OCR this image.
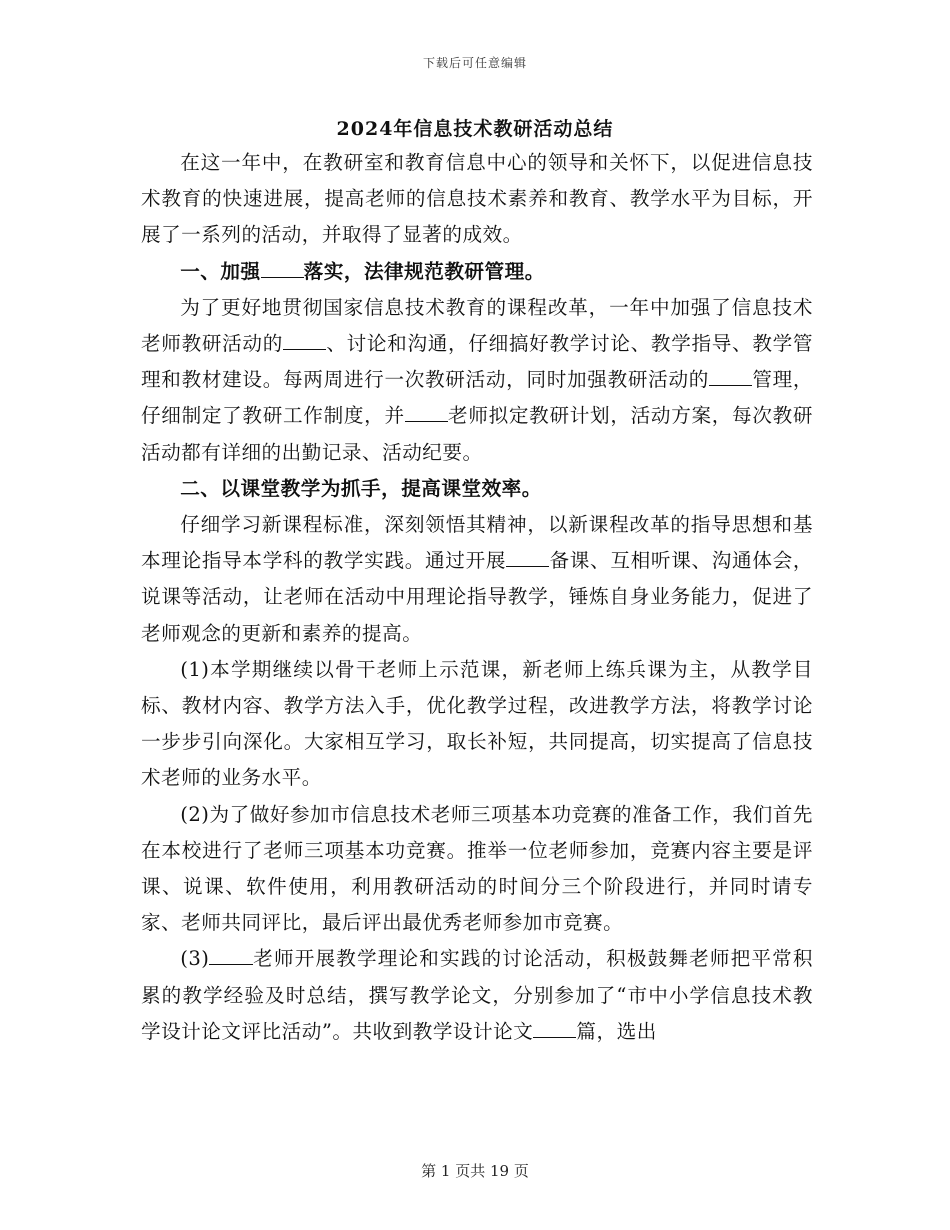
下载后可任意编辑
2024年信息技术教研活动总结

在这一年中，在教研室和教育信息中心的领导和关怀下，以促进信息技术教育的快速进展，提高老师的信息技术素养和教育、教学水平为目标，开展了一系列的活动，并取得了显著的成效。

一、加强 落实，法律规范教研管理。

为了更好地贯彻国家信息技术教育的课程改革，一年中加强了信息技术老师教研活动的 、讨论和沟通，仔细搞好教学讨论、教学指导、教学管理和教材建设。每两周进行一次教研活动，同时加强教研活动的 管理，仔细制定了教研工作制度，并 老师拟定教研计划，活动方案，每次教研活动都有详细的出勤记录、活动纪要。

二、以课堂教学为抓手，提高课堂效率。

仔细学习新课程标准，深刻领悟其精神，以新课程改革的指导思想和基本理论指导本学科的教学实践。通过开展 备课、互相听课、沟通体会，说课等活动，让老师在活动中用理论指导教学，锤炼自身业务能力，促进了老师观念的更新和素养的提高。

(1)本学期继续以骨干老师上示范课，新老师上练兵课为主，从教学目标、教材内容、教学方法入手，优化教学过程，改进教学方法，将教学讨论一步步引向深化。大家相互学习，取长补短，共同提高，切实提高了信息技术老师的业务水平。

(2)为了做好参加市信息技术老师三项基本功竞赛的准备工作，我们首先在本校进行了老师三项基本功竞赛。推举一位老师参加，竞赛内容主要是评课、说课、软件使用，利用教研活动的时间分三个阶段进行，并同时请专家、老师共同评比，最后评出最优秀老师参加市竞赛。

(3) 老师开展教学理论和实践的讨论活动，积极鼓舞老师把平常积累的教学经验及时总结，撰写教学论文，分别参加了“市中小学信息技术教学设计论文评比活动”。共收到教学设计论文 篇，选出

第 1 页共 19 页
